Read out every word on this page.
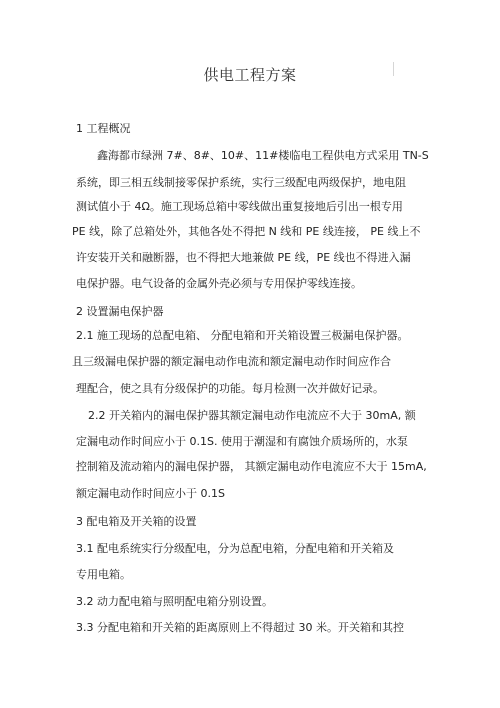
供电工程方案
1 工程概况
鑫海都市绿洲 7#、8#、10#、11#楼临电工程供电方式采用 TN-S
系统，即三相五线制接零保护系统，实行三级配电两级保护，地电阻
测试值小于 4Ω。施工现场总箱中零线做出重复接地后引出一根专用
PE 线，除了总箱处外，其他各处不得把 N 线和 PE 线连接， PE 线上不
许安装开关和融断器，也不得把大地兼做 PE 线，PE 线也不得进入漏
电保护器。电气设备的金属外壳必须与专用保护零线连接。
2 设置漏电保护器
2.1 施工现场的总配电箱、 分配电箱和开关箱设置三极漏电保护器。
且三级漏电保护器的额定漏电动作电流和额定漏电动作时间应作合
理配合，使之具有分级保护的功能。每月检测一次并做好记录。
2.2 开关箱内的漏电保护器其额定漏电动作电流应不大于 30mA, 额
定漏电动作时间应小于 0.1S. 使用于潮湿和有腐蚀介质场所的，水泵
控制箱及流动箱内的漏电保护器， 其额定漏电动作电流应不大于 15mA,
额定漏电动作时间应小于 0.1S
3 配电箱及开关箱的设置
3.1 配电系统实行分级配电，分为总配电箱，分配电箱和开关箱及
专用电箱。
3.2 动力配电箱与照明配电箱分别设置。
3.3 分配电箱和开关箱的距离原则上不得超过 30 米。开关箱和其控
